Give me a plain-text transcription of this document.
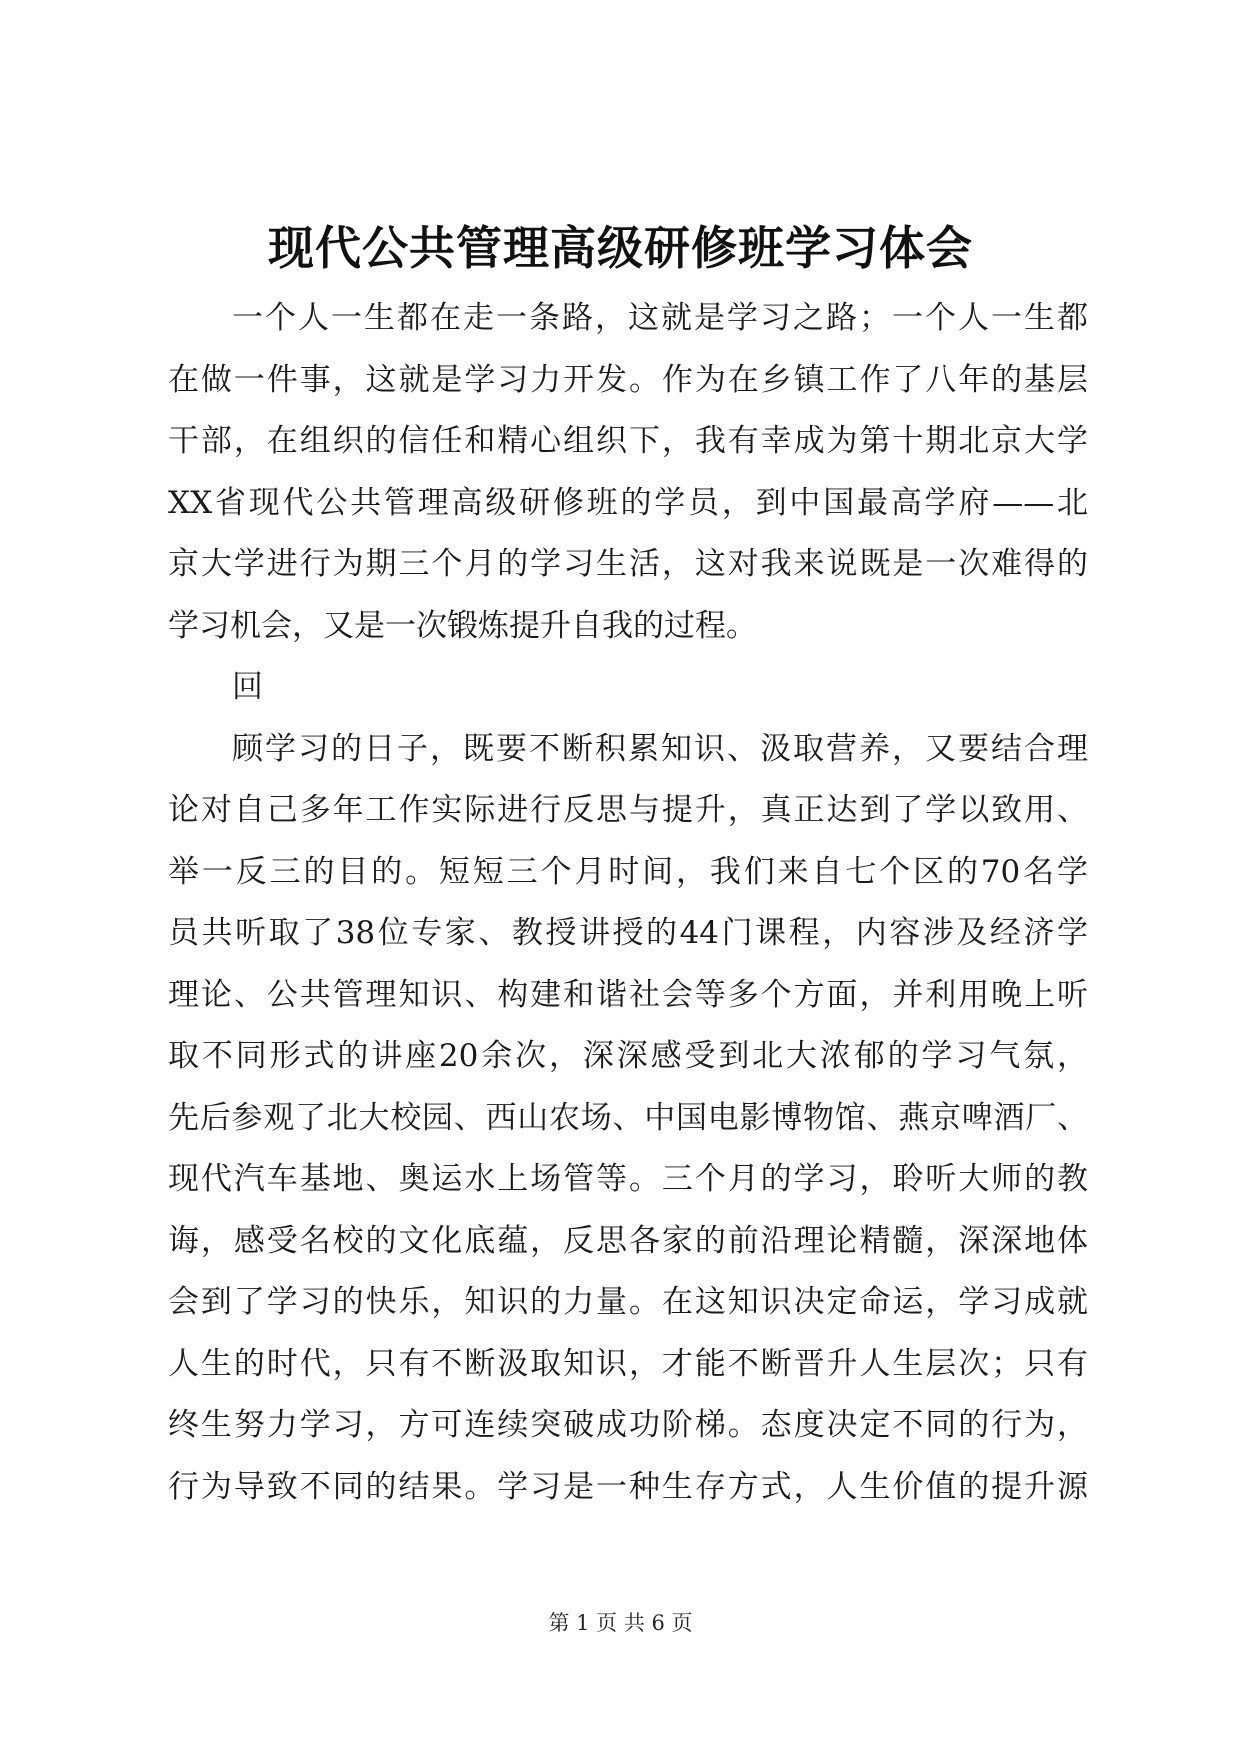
现代公共管理高级研修班学习体会
一个人一生都在走一条路，这就是学习之路；一个人一生都
在做一件事，这就是学习力开发。作为在乡镇工作了八年的基层
干部，在组织的信任和精心组织下，我有幸成为第十期北京大学
XX省现代公共管理高级研修班的学员，到中国最高学府——北
京大学进行为期三个月的学习生活，这对我来说既是一次难得的
学习机会，又是一次锻炼提升自我的过程。
回
顾学习的日子，既要不断积累知识、汲取营养，又要结合理
论对自己多年工作实际进行反思与提升，真正达到了学以致用、
举一反三的目的。短短三个月时间，我们来自七个区的70名学
员共听取了38位专家、教授讲授的44门课程，内容涉及经济学
理论、公共管理知识、构建和谐社会等多个方面，并利用晚上听
取不同形式的讲座20余次，深深感受到北大浓郁的学习气氛，
先后参观了北大校园、西山农场、中国电影博物馆、燕京啤酒厂、
现代汽车基地、奥运水上场管等。三个月的学习，聆听大师的教
诲，感受名校的文化底蕴，反思各家的前沿理论精髓，深深地体
会到了学习的快乐，知识的力量。在这知识决定命运，学习成就
人生的时代，只有不断汲取知识，才能不断晋升人生层次；只有
终生努力学习，方可连续突破成功阶梯。态度决定不同的行为，
行为导致不同的结果。学习是一种生存方式，人生价值的提升源
第 1 页 共 6 页
